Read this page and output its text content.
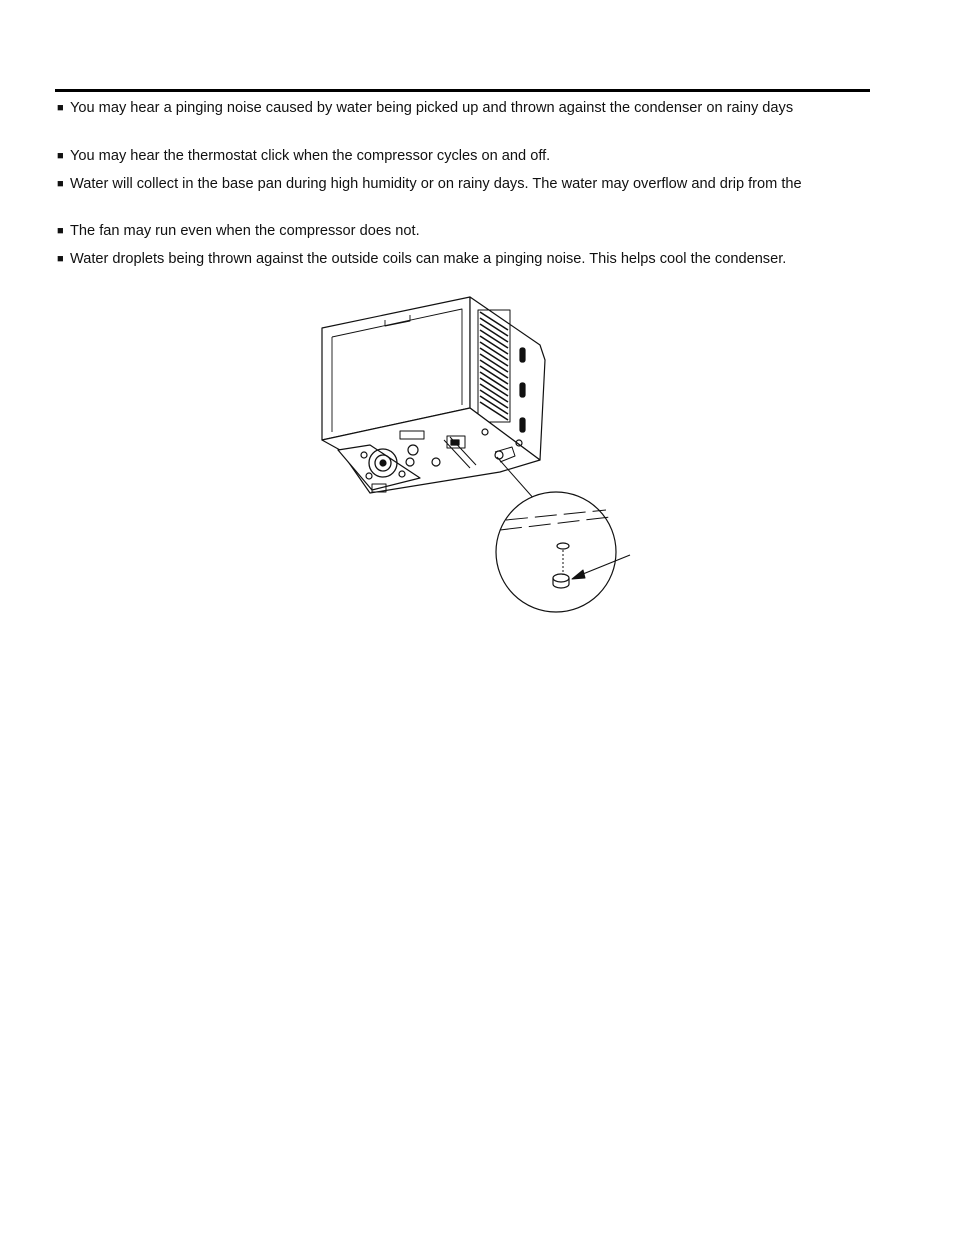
■ You may hear a pinging noise caused by water being picked up and thrown against the condenser on rainy days
■ You may hear the thermostat click when the compressor cycles on and off.
■ Water will collect in the base pan during high humidity or on rainy days. The water may overflow and drip from the
■ The fan may run even when the compressor does not.
■ Water droplets being thrown against the outside coils can make a pinging noise. This helps cool the condenser.
